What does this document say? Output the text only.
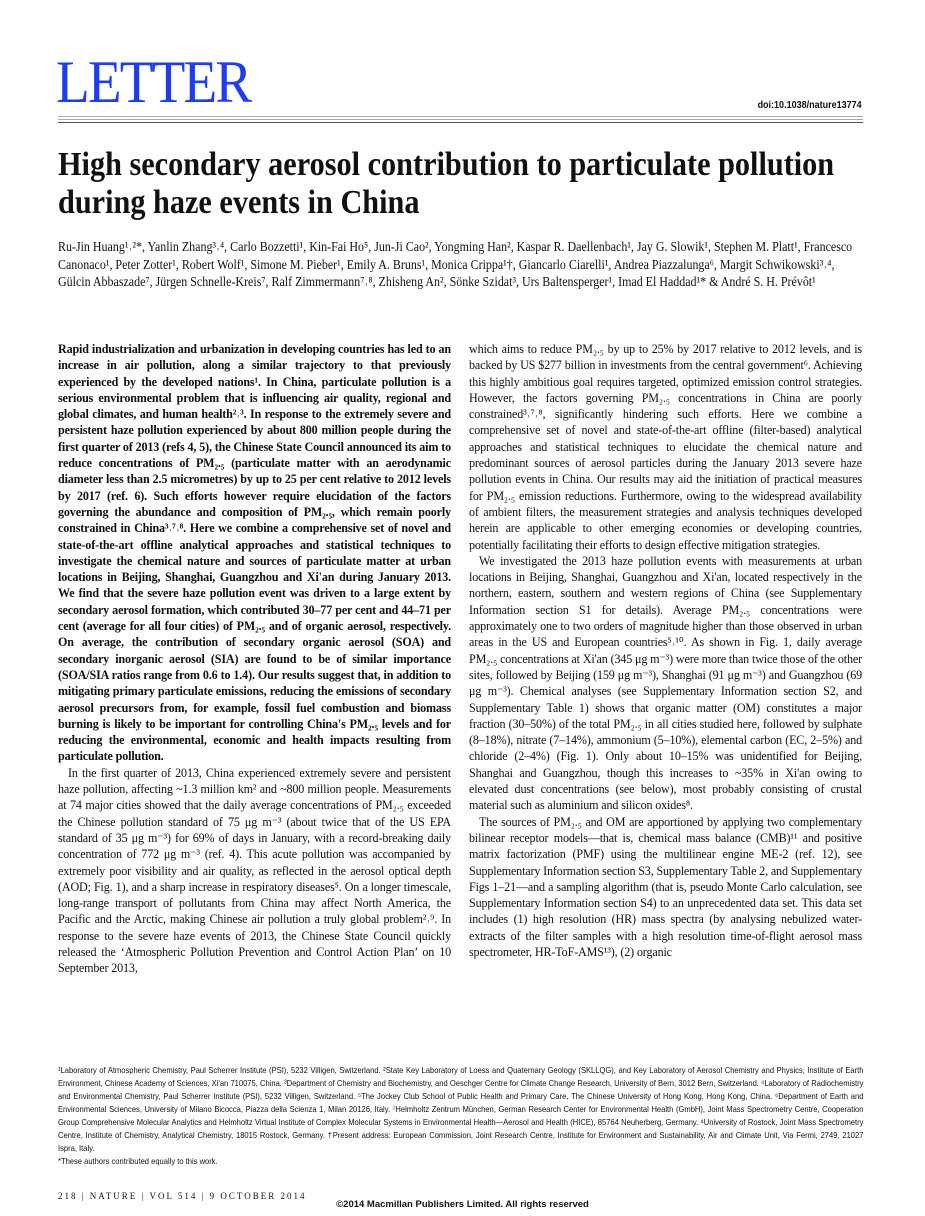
LETTER	doi:10.1038/nature13774
High secondary aerosol contribution to particulate pollution during haze events in China
Ru-Jin Huang¹˒²*, Yanlin Zhang³˒⁴, Carlo Bozzetti¹, Kin-Fai Ho⁵, Jun-Ji Cao², Yongming Han², Kaspar R. Daellenbach¹, Jay G. Slowik¹, Stephen M. Platt¹, Francesco Canonaco¹, Peter Zotter¹, Robert Wolf¹, Simone M. Pieber¹, Emily A. Bruns¹, Monica Crippa¹†, Giancarlo Ciarelli¹, Andrea Piazzalunga⁶, Margit Schwikowski³˒⁴, Gülcin Abbaszade⁷, Jürgen Schnelle-Kreis⁷, Ralf Zimmermann⁷˒⁸, Zhisheng An², Sönke Szidat³, Urs Baltensperger¹, Imad El Haddad¹* & André S. H. Prévôt¹

Rapid industrialization and urbanization in developing countries has led to an increase in air pollution, along a similar trajectory to that previously experienced by the developed nations¹. In China, particulate pollution is a serious environmental problem that is influencing air quality, regional and global climates, and human health²˒³. In response to the extremely severe and persistent haze pollution experienced by about 800 million people during the first quarter of 2013 (refs 4, 5), the Chinese State Council announced its aim to reduce concentrations of PM₂.₅ (particulate matter with an aerodynamic diameter less than 2.5 micrometres) by up to 25 per cent relative to 2012 levels by 2017 (ref. 6). Such efforts however require elucidation of the factors governing the abundance and composition of PM₂.₅, which remain poorly constrained in China³˒⁷˒⁸. Here we combine a comprehensive set of novel and state-of-the-art offline analytical approaches and statistical techniques to investigate the chemical nature and sources of particulate matter at urban locations in Beijing, Shanghai, Guangzhou and Xi'an during January 2013. We find that the severe haze pollution event was driven to a large extent by secondary aerosol formation, which contributed 30–77 per cent and 44–71 per cent (average for all four cities) of PM₂.₅ and of organic aerosol, respectively. On average, the contribution of secondary organic aerosol (SOA) and secondary inorganic aerosol (SIA) are found to be of similar importance (SOA/SIA ratios range from 0.6 to 1.4). Our results suggest that, in addition to mitigating primary particulate emissions, reducing the emissions of secondary aerosol precursors from, for example, fossil fuel combustion and biomass burning is likely to be important for controlling China's PM₂.₅ levels and for reducing the environmental, economic and health impacts resulting from particulate pollution.

In the first quarter of 2013, China experienced extremely severe and persistent haze pollution, affecting ~1.3 million km² and ~800 million people. Measurements at 74 major cities showed that the daily average concentrations of PM₂.₅ exceeded the Chinese pollution standard of 75 μg m⁻³ (about twice that of the US EPA standard of 35 μg m⁻³) for 69% of days in January, with a record-breaking daily concentration of 772 μg m⁻³ (ref. 4). This acute pollution was accompanied by extremely poor visibility and air quality, as reflected in the aerosol optical depth (AOD; Fig. 1), and a sharp increase in respiratory diseases⁵. On a longer timescale, long-range transport of pollutants from China may affect North America, the Pacific and the Arctic, making Chinese air pollution a truly global problem²˒⁹. In response to the severe haze events of 2013, the Chinese State Council quickly released the ‘Atmospheric Pollution Prevention and Control Action Plan’ on 10 September 2013,

which aims to reduce PM₂.₅ by up to 25% by 2017 relative to 2012 levels, and is backed by US $277 billion in investments from the central government⁶. Achieving this highly ambitious goal requires targeted, optimized emission control strategies. However, the factors governing PM₂.₅ concentrations in China are poorly constrained³˒⁷˒⁸, significantly hindering such efforts. Here we combine a comprehensive set of novel and state-of-the-art offline (filter-based) analytical approaches and statistical techniques to elucidate the chemical nature and predominant sources of aerosol particles during the January 2013 severe haze pollution events in China. Our results may aid the initiation of practical measures for PM₂.₅ emission reductions. Furthermore, owing to the widespread availability of ambient filters, the measurement strategies and analysis techniques developed herein are applicable to other emerging economies or developing countries, potentially facilitating their efforts to design effective mitigation strategies.

We investigated the 2013 haze pollution events with measurements at urban locations in Beijing, Shanghai, Guangzhou and Xi'an, located respectively in the northern, eastern, southern and western regions of China (see Supplementary Information section S1 for details). Average PM₂.₅ concentrations were approximately one to two orders of magnitude higher than those observed in urban areas in the US and European countries⁵˒¹⁰. As shown in Fig. 1, daily average PM₂.₅ concentrations at Xi'an (345 μg m⁻³) were more than twice those of the other sites, followed by Beijing (159 μg m⁻³), Shanghai (91 μg m⁻³) and Guangzhou (69 μg m⁻³). Chemical analyses (see Supplementary Information section S2, and Supplementary Table 1) shows that organic matter (OM) constitutes a major fraction (30–50%) of the total PM₂.₅ in all cities studied here, followed by sulphate (8–18%), nitrate (7–14%), ammonium (5–10%), elemental carbon (EC, 2–5%) and chloride (2–4%) (Fig. 1). Only about 10–15% was unidentified for Beijing, Shanghai and Guangzhou, though this increases to ~35% in Xi'an owing to elevated dust concentrations (see below), most probably consisting of crustal material such as aluminium and silicon oxides⁸.

The sources of PM₂.₅ and OM are apportioned by applying two complementary bilinear receptor models—that is, chemical mass balance (CMB)¹¹ and positive matrix factorization (PMF) using the multilinear engine ME-2 (ref. 12), see Supplementary Information section S3, Supplementary Table 2, and Supplementary Figs 1–21—and a sampling algorithm (that is, pseudo Monte Carlo calculation, see Supplementary Information section S4) to an unprecedented data set. This data set includes (1) high resolution (HR) mass spectra (by analysing nebulized water-extracts of the filter samples with a high resolution time-of-flight aerosol mass spectrometer, HR-ToF-AMS¹³), (2) organic

¹Laboratory of Atmospheric Chemistry, Paul Scherrer Institute (PSI), 5232 Villigen, Switzerland. ²State Key Laboratory of Loess and Quaternary Geology (SKLLQG), and Key Laboratory of Aerosol Chemistry and Physics, Institute of Earth Environment, Chinese Academy of Sciences, Xi'an 710075, China. ³Department of Chemistry and Biochemistry, and Oeschger Centre for Climate Change Research, University of Bern, 3012 Bern, Switzerland. ⁴Laboratory of Radiochemistry and Environmental Chemistry, Paul Scherrer Institute (PSI), 5232 Villigen, Switzerland. ⁵The Jockey Club School of Public Health and Primary Care, The Chinese University of Hong Kong, Hong Kong, China. ⁶Department of Earth and Environmental Sciences, University of Milano Bicocca, Piazza della Scienza 1, Milan 20126, Italy. ⁷Helmholtz Zentrum München, German Research Center for Environmental Health (GmbH), Joint Mass Spectrometry Centre, Cooperation Group Comprehensive Molecular Analytics and Helmholtz Virtual Institute of Complex Molecular Systems in Environmental Health—Aerosol and Health (HICE), 85764 Neuherberg, Germany. ⁸University of Rostock, Joint Mass Spectrometry Centre, Institute of Chemistry, Analytical Chemistry, 18015 Rostock, Germany. †Present address: European Commission, Joint Research Centre, Institute for Environment and Sustainability, Air and Climate Unit, Via Fermi, 2749, 21027 Ispra, Italy.

*These authors contributed equally to this work.

218 | NATURE | VOL 514 | 9 OCTOBER 2014
©2014 Macmillan Publishers Limited. All rights reserved
